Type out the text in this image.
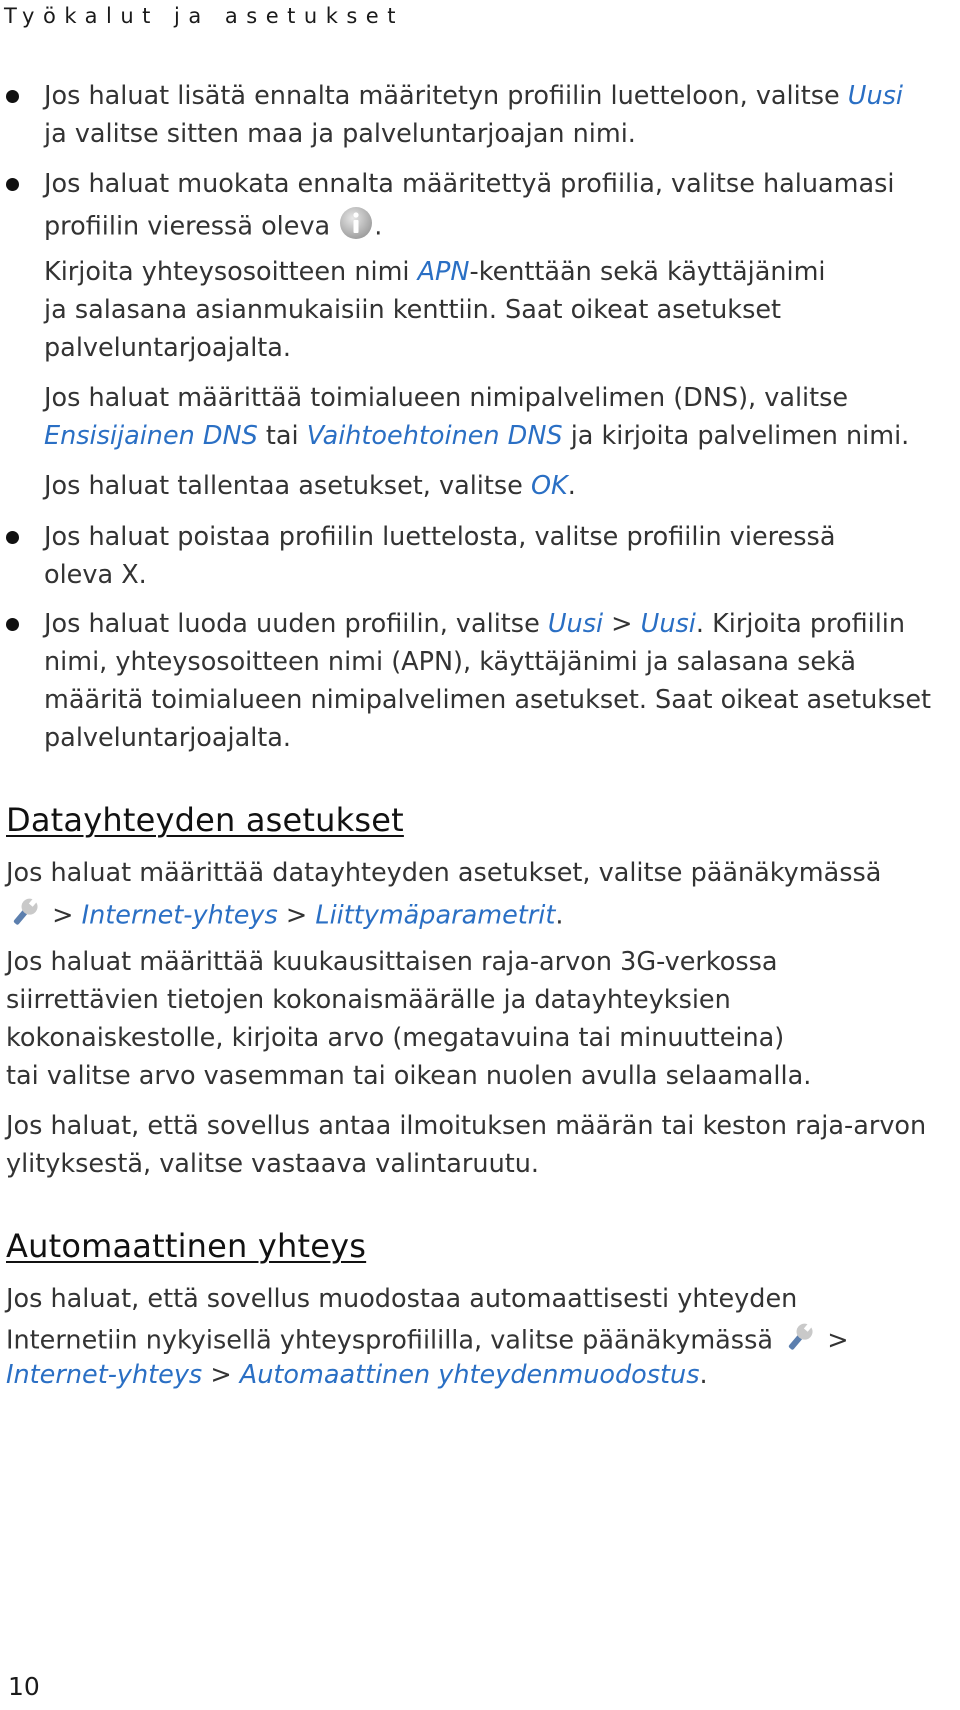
Työkalut ja asetukset
Jos haluat lisätä ennalta määritetyn profiilin luetteloon, valitse Uusi
ja valitse sitten maa ja palveluntarjoajan nimi.
Jos haluat muokata ennalta määritettyä profiilia, valitse haluamasi
profiilin vieressä oleva .
Kirjoita yhteysosoitteen nimi APN-kenttään sekä käyttäjänimi
ja salasana asianmukaisiin kenttiin. Saat oikeat asetukset
palveluntarjoajalta.
Jos haluat määrittää toimialueen nimipalvelimen (DNS), valitse
Ensisijainen DNS tai Vaihtoehtoinen DNS ja kirjoita palvelimen nimi.
Jos haluat tallentaa asetukset, valitse OK.
Jos haluat poistaa profiilin luettelosta, valitse profiilin vieressä
oleva X.
Jos haluat luoda uuden profiilin, valitse Uusi > Uusi. Kirjoita profiilin
nimi, yhteysosoitteen nimi (APN), käyttäjänimi ja salasana sekä
määritä toimialueen nimipalvelimen asetukset. Saat oikeat asetukset
palveluntarjoajalta.
Datayhteyden asetukset
Jos haluat määrittää datayhteyden asetukset, valitse päänäkymässä
> Internet-yhteys > Liittymäparametrit.
Jos haluat määrittää kuukausittaisen raja-arvon 3G-verkossa
siirrettävien tietojen kokonaismäärälle ja datayhteyksien
kokonaiskestolle, kirjoita arvo (megatavuina tai minuutteina)
tai valitse arvo vasemman tai oikean nuolen avulla selaamalla.
Jos haluat, että sovellus antaa ilmoituksen määrän tai keston raja-arvon
ylityksestä, valitse vastaava valintaruutu.
Automaattinen yhteys
Jos haluat, että sovellus muodostaa automaattisesti yhteyden
Internetiin nykyisellä yhteysprofiililla, valitse päänäkymässä  >
Internet-yhteys > Automaattinen yhteydenmuodostus.
10
